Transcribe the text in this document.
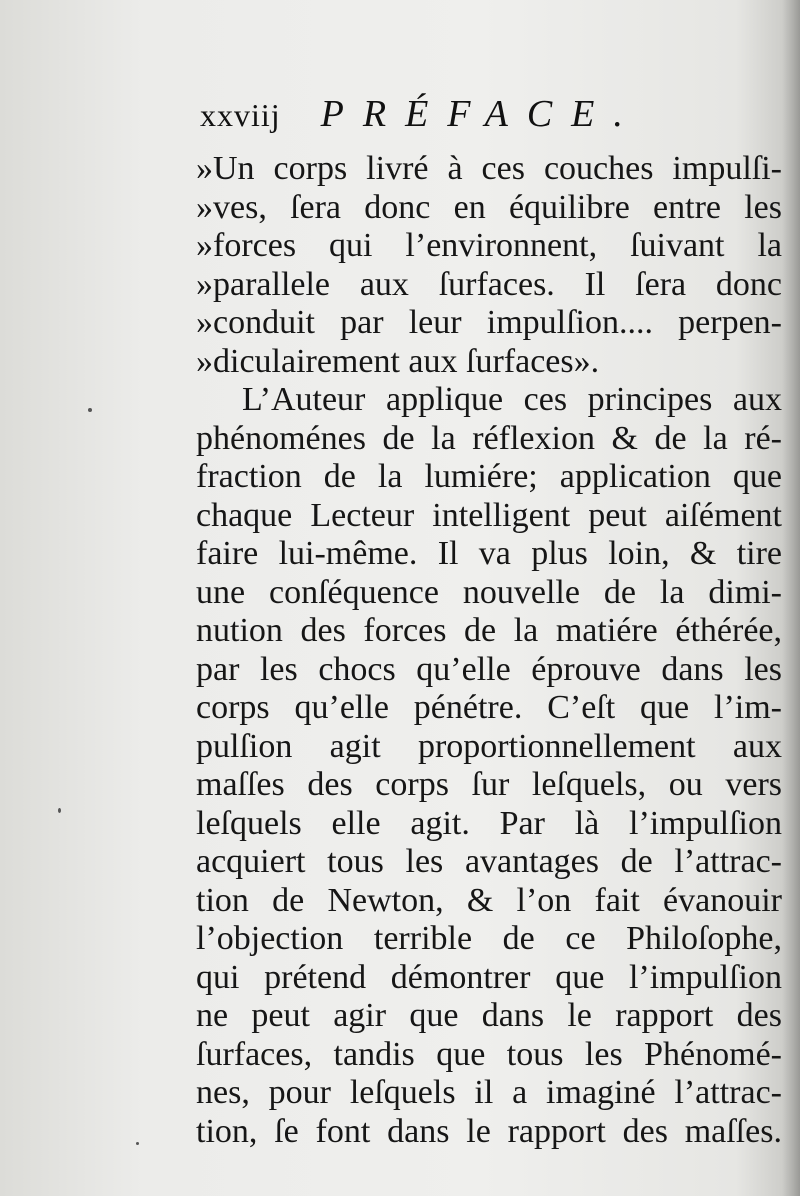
xxviij PRÉFACE.
»Un corps livré à ces couches impulſi-
»ves, ſera donc en équilibre entre les
»forces qui l’environnent, ſuivant la
»parallele aux ſurfaces. Il ſera donc
»conduit par leur impulſion.... perpen-
»diculairement aux ſurfaces».
L’Auteur applique ces principes aux
phénoménes de la réflexion & de la ré-
fraction de la lumiére; application que
chaque Lecteur intelligent peut aiſément
faire lui-même. Il va plus loin, & tire
une conſéquence nouvelle de la dimi-
nution des forces de la matiére éthérée,
par les chocs qu’elle éprouve dans les
corps qu’elle pénétre. C’eſt que l’im-
pulſion agit proportionnellement aux
maſſes des corps ſur leſquels, ou vers
leſquels elle agit. Par là l’impulſion
acquiert tous les avantages de l’attrac-
tion de Newton, & l’on fait évanouir
l’objection terrible de ce Philoſophe,
qui prétend démontrer que l’impulſion
ne peut agir que dans le rapport des
ſurfaces, tandis que tous les Phénomé-
nes, pour leſquels il a imaginé l’attrac-
tion, ſe font dans le rapport des maſſes.
